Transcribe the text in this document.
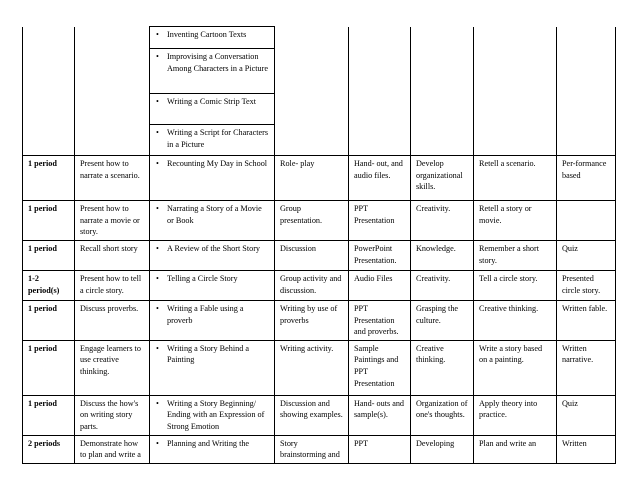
		• Inventing Cartoon Texts					

		• Improvising a Conversation Among Characters in a Picture					

		• Writing a Comic Strip Text					

		• Writing a Script for Characters in a Picture					

1 period	Present how to narrate a scenario.	• Recounting My Day in School	Role- play	Hand- out, and audio files.	Develop organizational skills.	Retell a scenario.	Per-formance based
1 period	Present how to narrate a movie or story.	• Narrating a Story of a Movie or Book	Group presentation.	PPT Presentation	Creativity.	Retell a story or movie.	
1 period	Recall short story	• A Review of the Short Story	Discussion	PowerPoint Presentation.	Knowledge.	Remember a short story.	Quiz
1-2 period(s)	Present how to tell a circle story.	• Telling a Circle Story	Group activity and discussion.	Audio Files	Creativity.	Tell a circle story.	Presented circle story.
1 period	Discuss proverbs.	• Writing a Fable using a proverb	Writing by use of proverbs	PPT Presentation and proverbs.	Grasping the culture.	Creative thinking.	Written fable.
1 period	Engage learners to use creative thinking.	• Writing a Story Behind a Painting	Writing activity.	Sample Paintings and PPT Presentation	Creative thinking.	Write a story based on a painting.	Written narrative.
1 period	Discuss the how's on writing story parts.	• Writing a Story Beginning/ Ending with an Expression of Strong Emotion	Discussion and showing examples.	Hand- outs and sample(s).	Organization of one's thoughts.	Apply theory into practice.	Quiz
2 periods	Demonstrate how to plan and write a	• Planning and Writing the	Story brainstorming and	PPT	Developing	Plan and write an	Written
